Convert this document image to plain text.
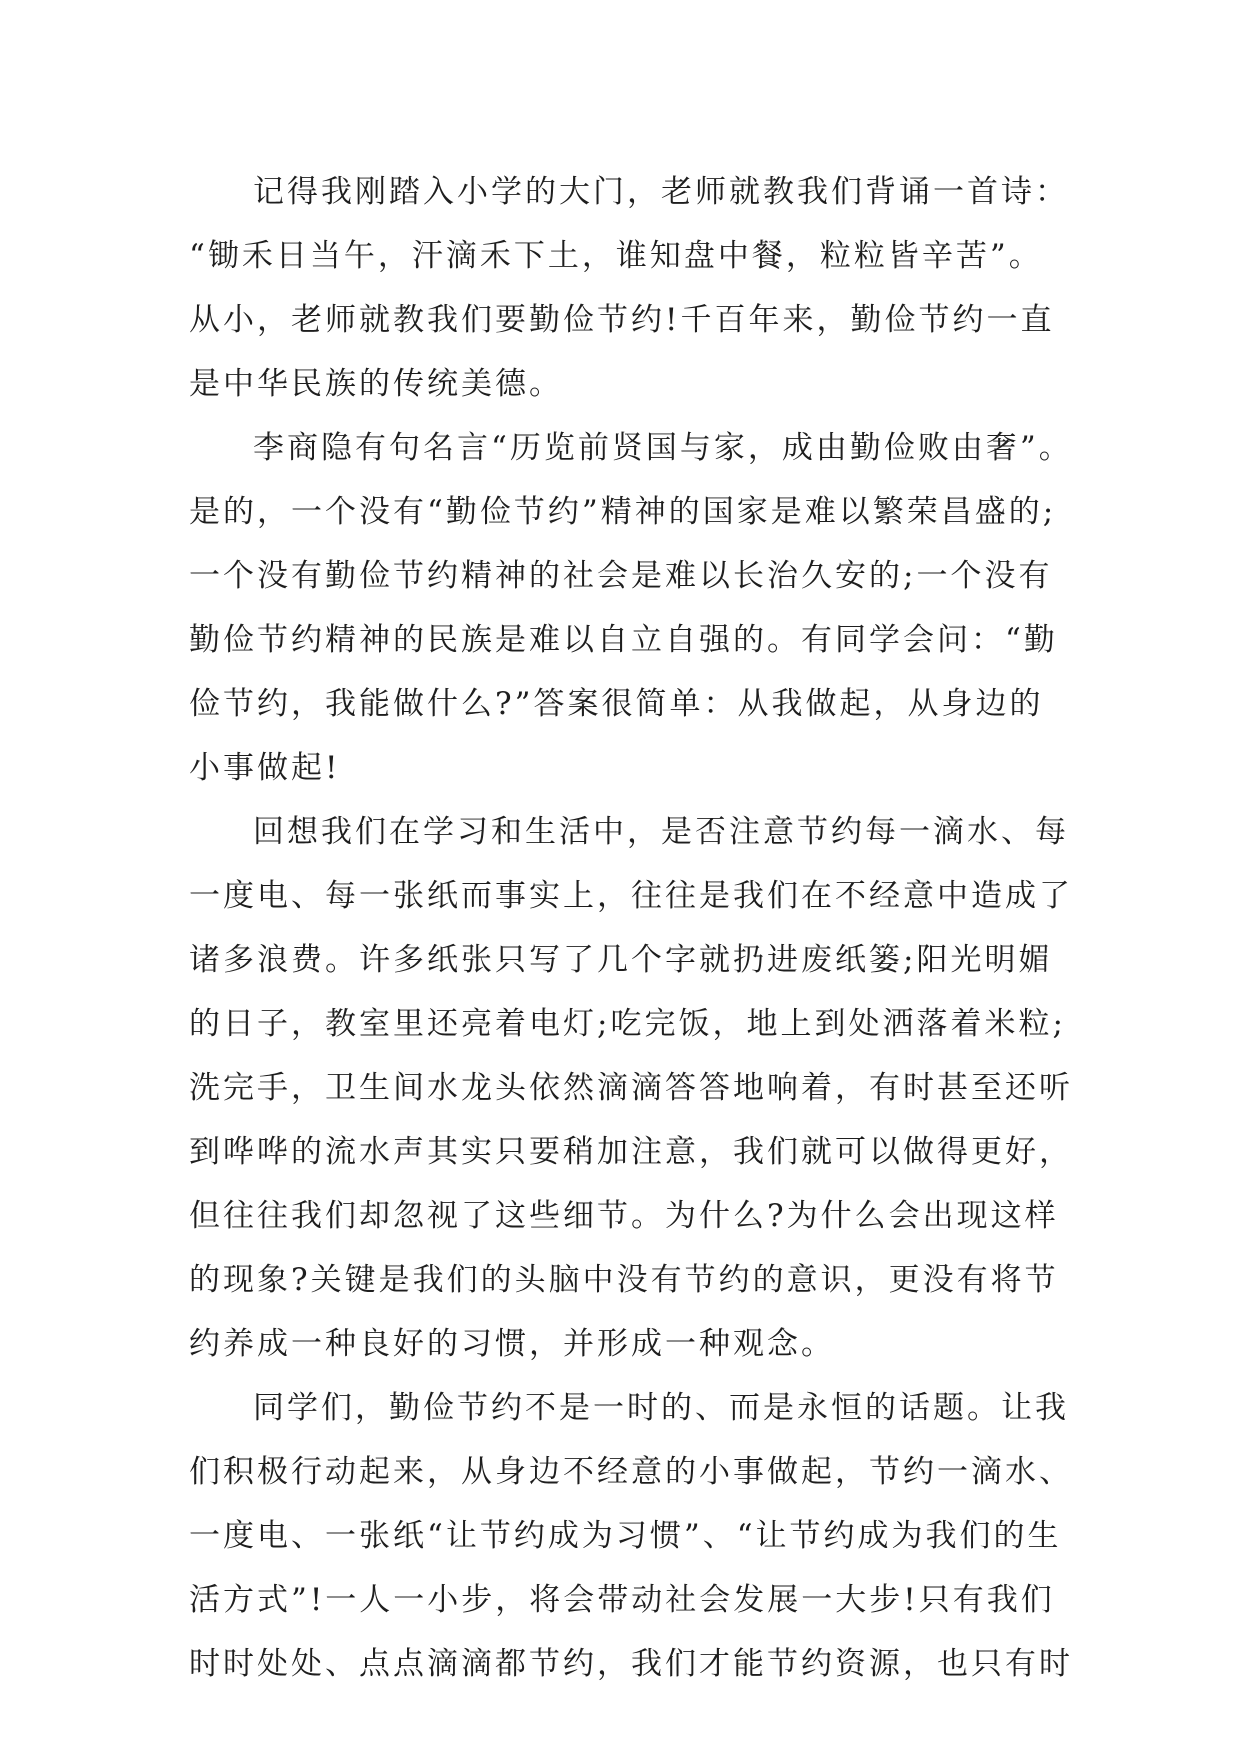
记得我刚踏入小学的大门，老师就教我们背诵一首诗：
“锄禾日当午，汗滴禾下土，谁知盘中餐，粒粒皆辛苦”。
从小，老师就教我们要勤俭节约!千百年来，勤俭节约一直
是中华民族的传统美德。
李商隐有句名言“历览前贤国与家，成由勤俭败由奢”。
是的，一个没有“勤俭节约”精神的国家是难以繁荣昌盛的;
一个没有勤俭节约精神的社会是难以长治久安的;一个没有
勤俭节约精神的民族是难以自立自强的。有同学会问：“勤
俭节约，我能做什么?”答案很简单：从我做起，从身边的
小事做起!
回想我们在学习和生活中，是否注意节约每一滴水、每
一度电、每一张纸而事实上，往往是我们在不经意中造成了
诸多浪费。许多纸张只写了几个字就扔进废纸篓;阳光明媚
的日子，教室里还亮着电灯;吃完饭，地上到处洒落着米粒;
洗完手，卫生间水龙头依然滴滴答答地响着，有时甚至还听
到哗哗的流水声其实只要稍加注意，我们就可以做得更好，
但往往我们却忽视了这些细节。为什么?为什么会出现这样
的现象?关键是我们的头脑中没有节约的意识，更没有将节
约养成一种良好的习惯，并形成一种观念。
同学们，勤俭节约不是一时的、而是永恒的话题。让我
们积极行动起来，从身边不经意的小事做起，节约一滴水、
一度电、一张纸“让节约成为习惯”、“让节约成为我们的生
活方式”!一人一小步，将会带动社会发展一大步!只有我们
时时处处、点点滴滴都节约，我们才能节约资源，也只有时
